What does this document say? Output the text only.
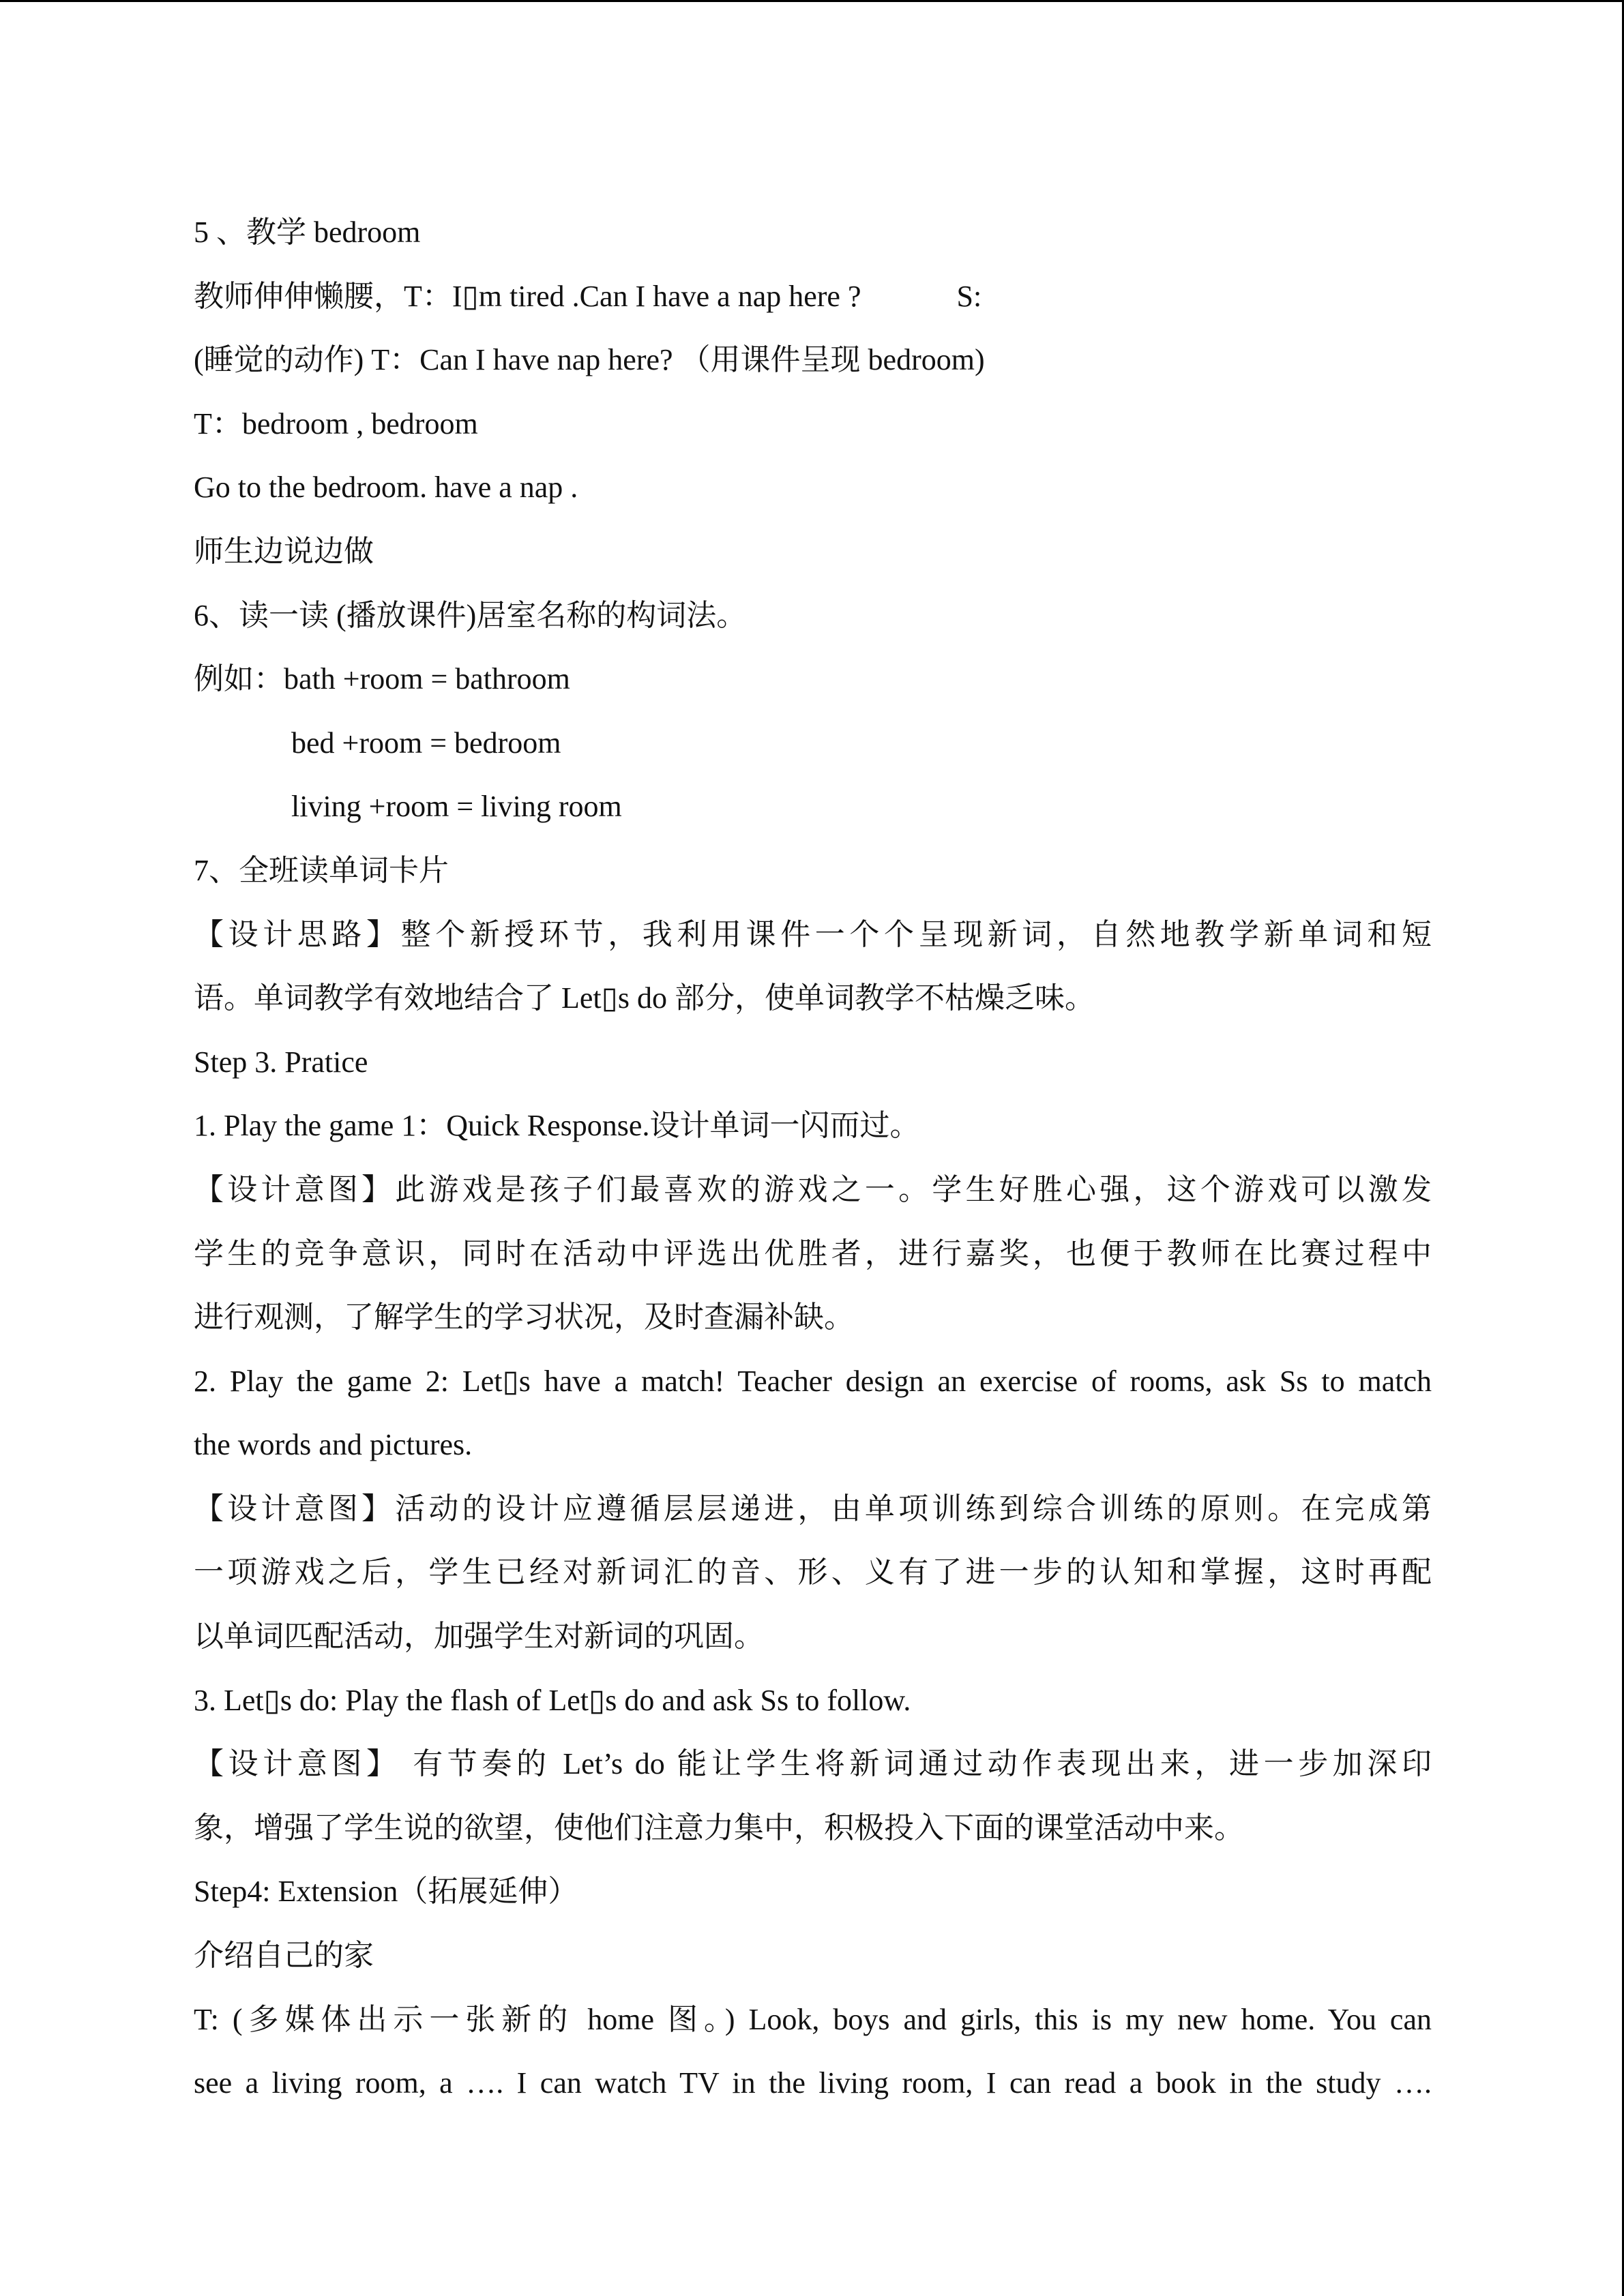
5 、教学 bedroom
教师伸伸懒腰，T：I▯m tired .Can I have a nap here ?	S:
(睡觉的动作) T：Can I have nap here? （用课件呈现 bedroom)
T：bedroom , bedroom
Go to the bedroom. have a nap .
师生边说边做
6、读一读 (播放课件)居室名称的构词法。
例如：bath +room = bathroom
bed +room = bedroom
living +room = living room
7、全班读单词卡片
【设计思路】整个新授环节，我利用课件一个个呈现新词，自然地教学新单词和短
语。单词教学有效地结合了 Let▯s do 部分，使单词教学不枯燥乏味。
Step 3. Pratice
1. Play the game 1：Quick Response.设计单词一闪而过。
【设计意图】此游戏是孩子们最喜欢的游戏之一。学生好胜心强，这个游戏可以激发
学生的竞争意识，同时在活动中评选出优胜者，进行嘉奖，也便于教师在比赛过程中
进行观测，了解学生的学习状况，及时查漏补缺。
2. Play the game 2: Let▯s have a match! Teacher design an exercise of rooms, ask Ss to match
the words and pictures.
【设计意图】活动的设计应遵循层层递进，由单项训练到综合训练的原则。在完成第
一项游戏之后，学生已经对新词汇的音、形、义有了进一步的认知和掌握，这时再配
以单词匹配活动，加强学生对新词的巩固。
3. Let▯s do: Play the flash of Let▯s do and ask Ss to follow.
【设计意图】 有节奏的 Let’s do 能让学生将新词通过动作表现出来，进一步加深印
象，增强了学生说的欲望，使他们注意力集中，积极投入下面的课堂活动中来。
Step4: Extension（拓展延伸）
介绍自己的家
T: (多媒体出示一张新的 home 图。) Look, boys and girls, this is my new home. You can
see a living room, a …. I can watch TV in the living room, I can read a book in the study ….
